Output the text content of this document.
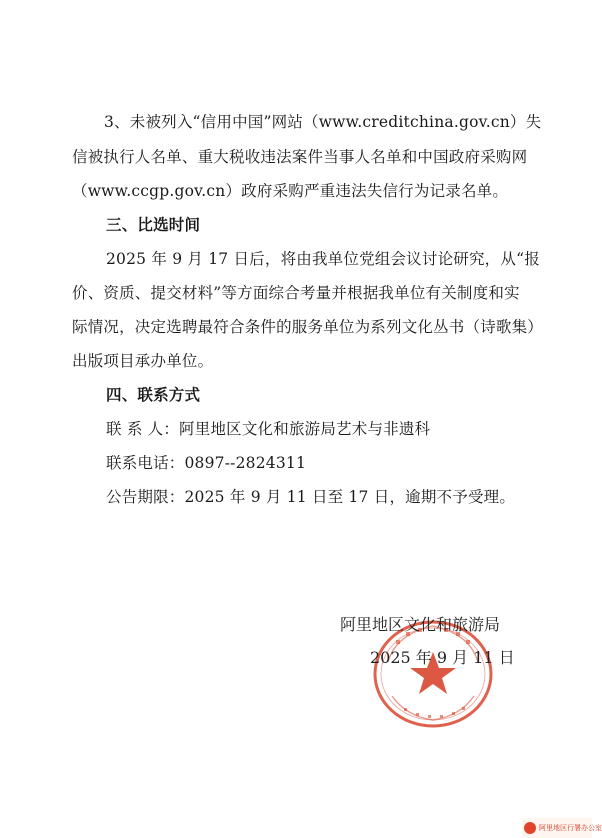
3、未被列入“信用中国”网站（www.creditchina.gov.cn）失
信被执行人名单、重大税收违法案件当事人名单和中国政府采购网
（www.ccgp.gov.cn）政府采购严重违法失信行为记录名单。
三、比选时间
2025 年 9 月 17 日后，将由我单位党组会议讨论研究，从“报
价、资质、提交材料”等方面综合考量并根据我单位有关制度和实
际情况，决定选聘最符合条件的服务单位为系列文化丛书（诗歌集）
出版项目承办单位。
四、联系方式
联 系 人：阿里地区文化和旅游局艺术与非遗科
联系电话：0897--2824311
公告期限：2025 年 9 月 11 日至 17 日，逾期不予受理。
阿里地区文化和旅游局
2025 年 9 月 11 日
阿里地区行署办公室
